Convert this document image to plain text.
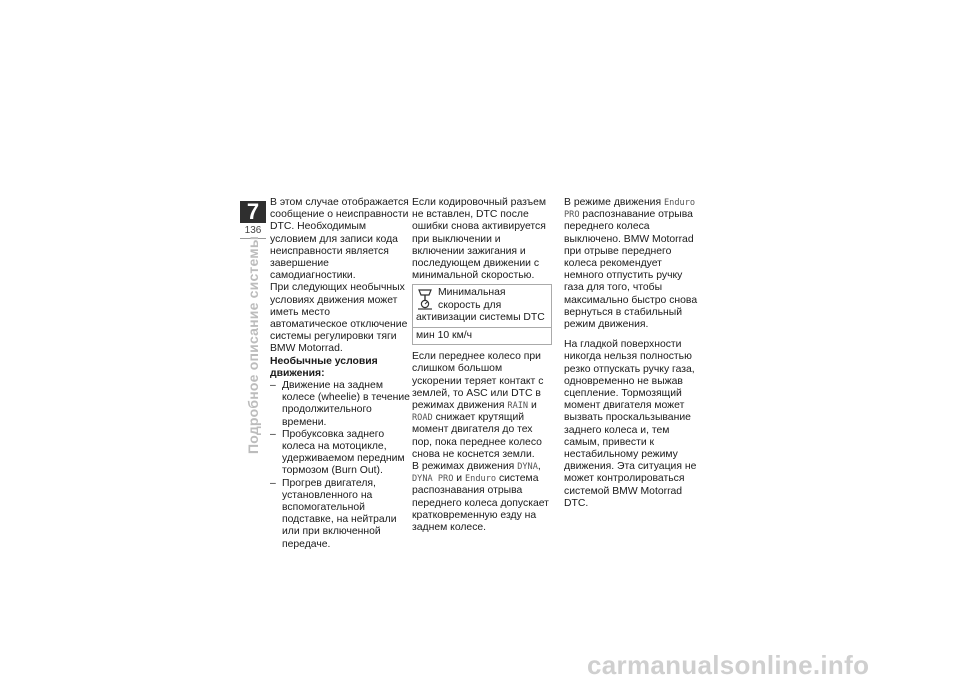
7
136
Подробное описание системы

В этом случае отображается сообщение о неисправности DTC. Необходимым условием для записи кода неисправности является завершение самодиагностики.

При следующих необычных условиях движения может иметь место автоматическое отключение системы регулировки тяги BMW Motorrad.

Необычные условия движения:

– Движение на заднем колесе (wheelie) в течение продолжительного времени.
– Пробуксовка заднего колеса на мотоцикле, удерживаемом передним тормозом (Burn Out).
– Прогрев двигателя, установленного на вспомогательной подставке, на нейтрали или при включенной передаче.

Если кодировочный разъем не вставлен, DTC после ошибки снова активируется при выключении и включении зажигания и последующем движении с минимальной скоростью.

Минимальная скорость для активизации системы DTC
мин 10 км/ч

Если переднее колесо при слишком большом ускорении теряет контакт с землей, то ASC или DTC в режимах движения RAIN и ROAD снижает крутящий момент двигателя до тех пор, пока переднее колесо снова не коснется земли.

В режимах движения DYNA, DYNA PRO и Enduro система распознавания отрыва переднего колеса допускает кратковременную езду на заднем колесе.

В режиме движения Enduro PRO распознавание отрыва переднего колеса выключено. BMW Motorrad при отрыве переднего колеса рекомендует немного отпустить ручку газа для того, чтобы максимально быстро снова вернуться в стабильный режим движения.

На гладкой поверхности никогда нельзя полностью резко отпускать ручку газа, одновременно не выжав сцепление. Тормозящий момент двигателя может вызвать проскальзывание заднего колеса и, тем самым, привести к нестабильному режиму движения. Эта ситуация не может контролироваться системой BMW Motorrad DTC.

carmanualsonline.info
